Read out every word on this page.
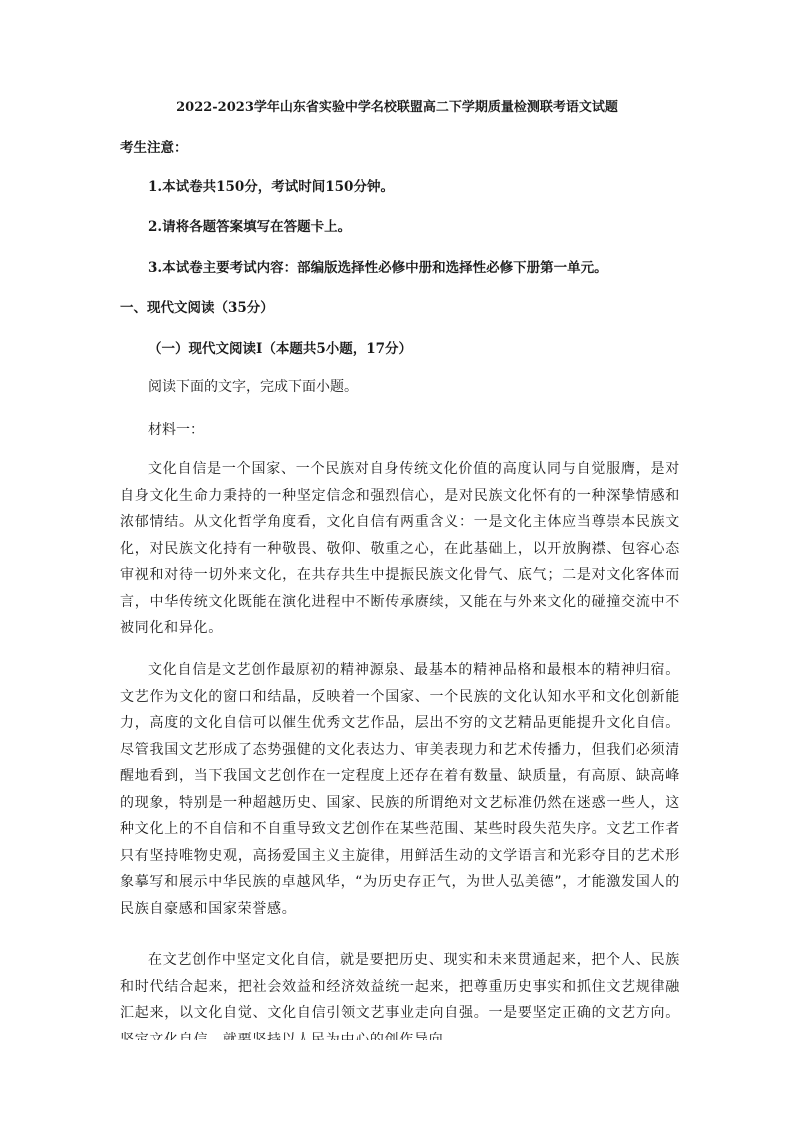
2022-2023学年山东省实验中学名校联盟高二下学期质量检测联考语文试题
考生注意：
1.本试卷共150分，考试时间150分钟。
2.请将各题答案填写在答题卡上。
3.本试卷主要考试内容：部编版选择性必修中册和选择性必修下册第一单元。
一、现代文阅读（35分）
（一）现代文阅读Ⅰ（本题共5小题，17分）
阅读下面的文字，完成下面小题。
材料一：

文化自信是一个国家、一个民族对自身传统文化价值的高度认同与自觉服膺，是对自身文化生命力秉持的一种坚定信念和强烈信心，是对民族文化怀有的一种深挚情感和浓郁情结。从文化哲学角度看，文化自信有两重含义：一是文化主体应当尊崇本民族文化，对民族文化持有一种敬畏、敬仰、敬重之心，在此基础上，以开放胸襟、包容心态审视和对待一切外来文化，在共存共生中提振民族文化骨气、底气；二是对文化客体而言，中华传统文化既能在演化进程中不断传承赓续，又能在与外来文化的碰撞交流中不被同化和异化。

文化自信是文艺创作最原初的精神源泉、最基本的精神品格和最根本的精神归宿。文艺作为文化的窗口和结晶，反映着一个国家、一个民族的文化认知水平和文化创新能力，高度的文化自信可以催生优秀文艺作品，层出不穷的文艺精品更能提升文化自信。尽管我国文艺形成了态势强健的文化表达力、审美表现力和艺术传播力，但我们必须清醒地看到，当下我国文艺创作在一定程度上还存在着有数量、缺质量，有高原、缺高峰的现象，特别是一种超越历史、国家、民族的所谓绝对文艺标准仍然在迷惑一些人，这种文化上的不自信和不自重导致文艺创作在某些范围、某些时段失范失序。文艺工作者只有坚持唯物史观，高扬爱国主义主旋律，用鲜活生动的文学语言和光彩夺目的艺术形象摹写和展示中华民族的卓越风华，“为历史存正气，为世人弘美德”，才能激发国人的民族自豪感和国家荣誉感。

在文艺创作中坚定文化自信，就是要把历史、现实和未来贯通起来，把个人、民族和时代结合起来，把社会效益和经济效益统一起来，把尊重历史事实和抓住文艺规律融汇起来，以文化自觉、文化自信引领文艺事业走向自强。一是要坚定正确的文艺方向。
